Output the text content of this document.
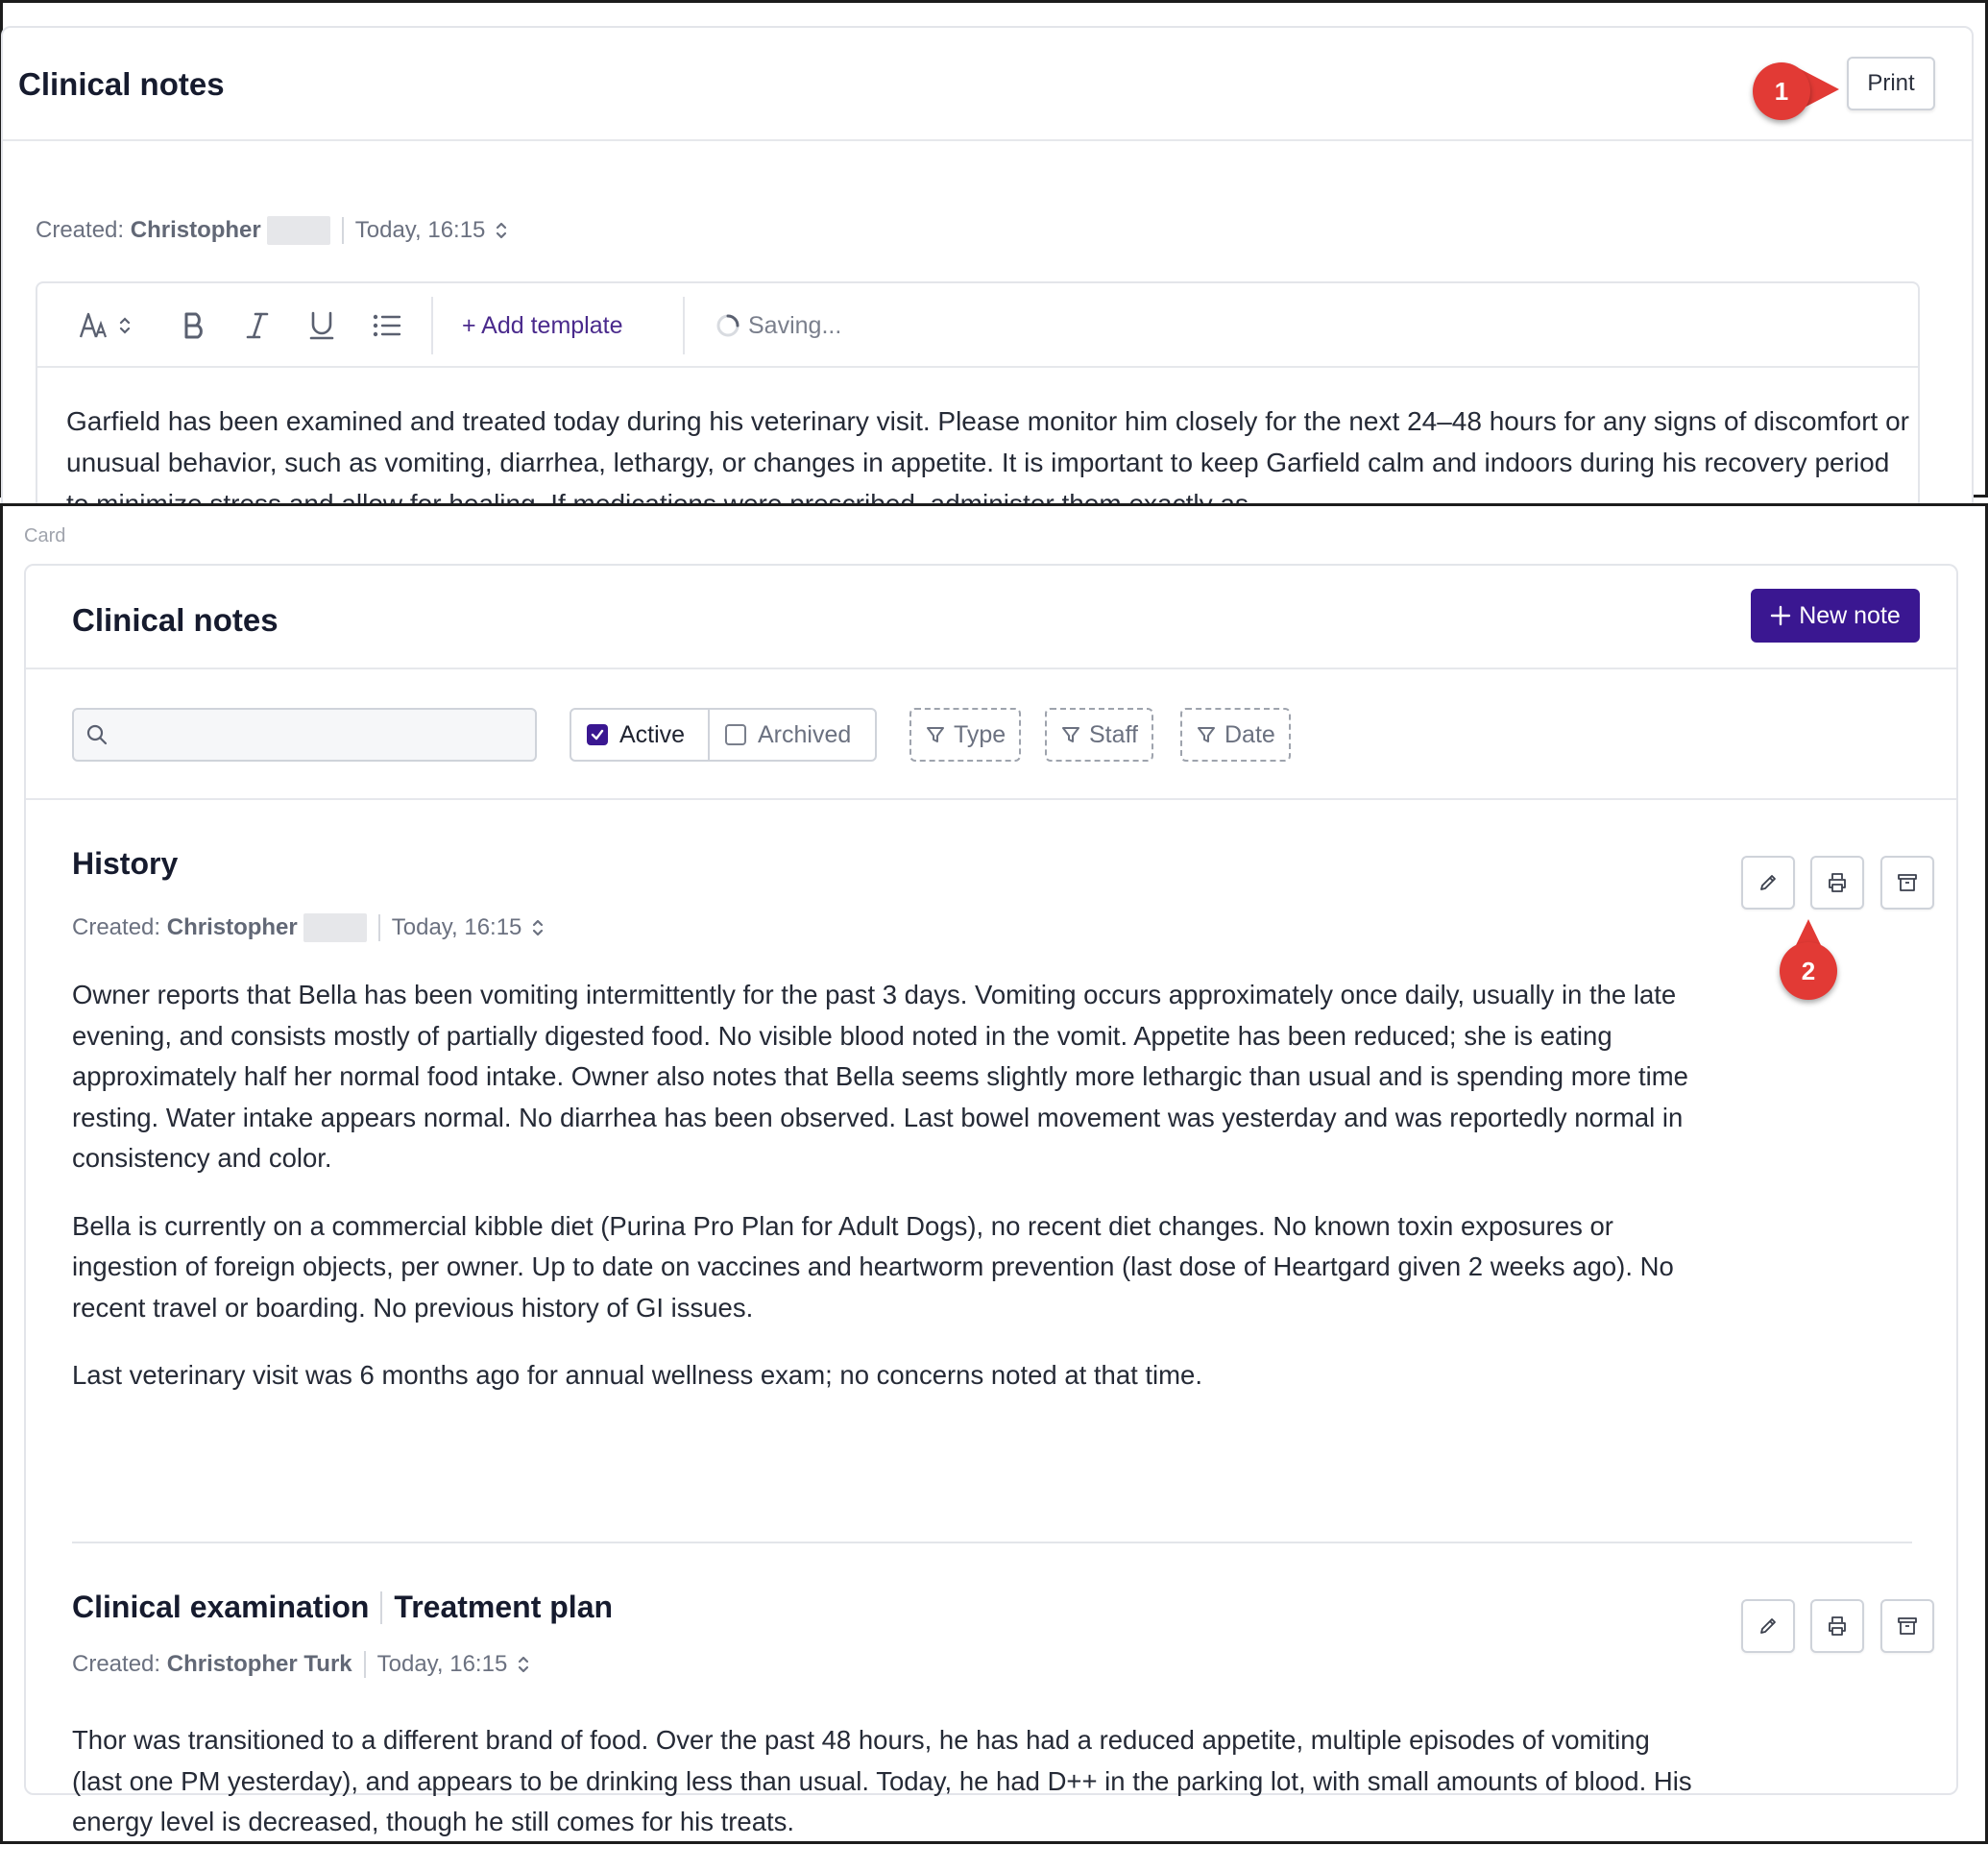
Clinical notes	Print
Created:
Christopher	Today, 16:15
+ Add template	Saving...
Garfield has been examined and treated today during his veterinary visit. Please monitor him closely for the next 24–48 hours for any signs of discomfort or unusual behavior, such as vomiting, diarrhea, lethargy, or changes in appetite. It is important to keep Garfield calm and indoors during his recovery period
1
Card
Clinical notes	New note
Active	Archived	Type	Staff	Date
History
Created:
Christopher	Today, 16:15

Owner reports that Bella has been vomiting intermittently for the past 3 days. Vomiting occurs approximately once daily, usually in the late evening, and consists mostly of partially digested food. No visible blood noted in the vomit. Appetite has been reduced; she is eating approximately half her normal food intake. Owner also notes that Bella seems slightly more lethargic than usual and is spending more time resting. Water intake appears normal. No diarrhea has been observed. Last bowel movement was yesterday and was reportedly normal in consistency and color.

Bella is currently on a commercial kibble diet (Purina Pro Plan for Adult Dogs), no recent diet changes. No known toxin exposures or ingestion of foreign objects, per owner. Up to date on vaccines and heartworm prevention (last dose of Heartgard given 2 weeks ago). No recent travel or boarding. No previous history of GI issues.

Last veterinary visit was 6 months ago for annual wellness exam; no concerns noted at that time.

Clinical examination Treatment plan
Created:
Christopher Turk Today, 16:15

Thor was transitioned to a different brand of food. Over the past 48 hours, he has had a reduced appetite, multiple episodes of vomiting (last one PM yesterday), and appears to be drinking less than usual. Today, he had D++ in the parking lot, with small amounts of blood. His energy level is decreased, though he still comes for his treats.

2
